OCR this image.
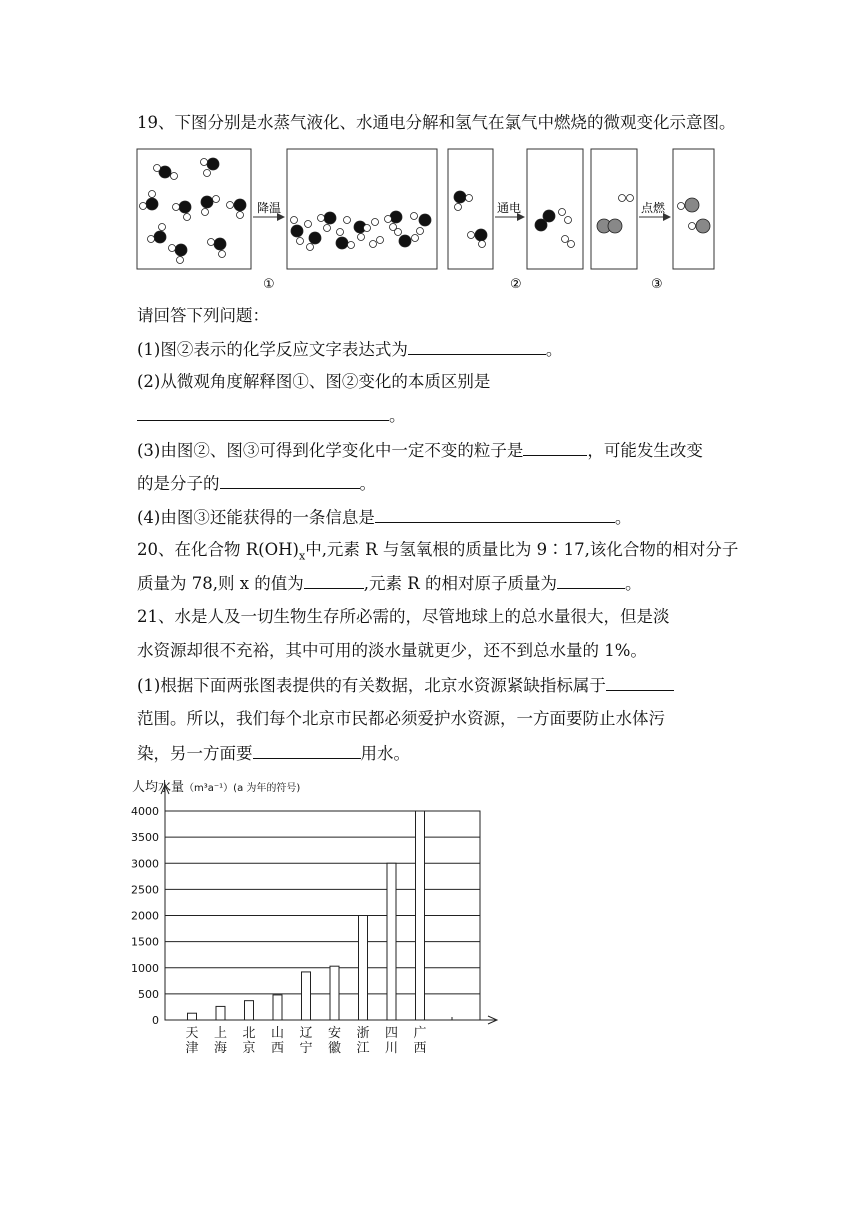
19、下图分别是水蒸气液化、水通电分解和氢气在氯气中燃烧的微观变化示意图。
降温	通电	点燃
①	②	③
请回答下列问题：
(1)图②表示的化学反应文字表达式为	。
(2)从微观角度解释图①、图②变化的本质区别是
。
(3)由图②、图③可得到化学变化中一定不变的粒子是	，可能发生改变
的是分子的	。
(4)由图③还能获得的一条信息是	。
20、在化合物 $R(OH)_x$中,元素 R 与氢氧根的质量比为 9∶17,该化合物的相对分子
质量为 78,则 x 的值为	,元素 R 的相对原子质量为	。
21、水是人及一切生物生存所必需的，尽管地球上的总水量很大，但是淡
水资源却很不充裕，其中可用的淡水量就更少，还不到总水量的 1%。
(1)根据下面两张图表提供的有关数据，北京水资源紧缺指标属于
范围。所以，我们每个北京市民都必须爱护水资源，一方面要防止水体污
染，另一方面要	用水。
人均水量（m³a⁻¹）(a 为年的符号)
0
500
1000
1500
2000
2500
3000
3500
4000
天
津
上
海
北
京
山
西
辽
宁
安
徽
浙
江
四
川
广
西
